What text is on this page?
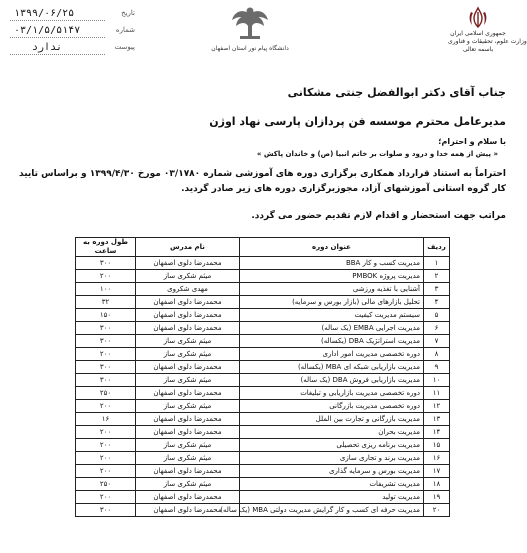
۱۳۹۹/۰۶/۲۵	تاریخ
۰۳/۱/۵/۵۱۴۷	شماره
ندارد	پیوست	دانشگاه پیام نور استان اصفهان
جمهوری اسلامی ایران
وزارت علوم، تحقیقات و فناوری
باسمه تعالی
جناب آقای دکتر ابوالفضل جنتی مشکانی
مدیرعامل محترم موسسه فن پردازان پارسی نهاد اوژن
با سلام و احترام؛
« پیش از همه خدا و درود و صلوات بر خاتم انبیا (ص) و خاندان پاکش »
احتراماً به استناد قرارداد همکاری برگزاری دوره های آموزشی شماره ۰۳/۱۷۸۰ مورخ ۱۳۹۹/۴/۳۰ و براساس تایید کار گروه استانی آموزشهای آزاد، مجوزبرگزاری دوره های زیر صادر گردید.
مراتب جهت استحضار و اقدام لازم تقدیم حضور می گردد.
ردیف	عنوان دوره	نام مدرس	طول دوره به ساعت
۱	مدیریت کسب و کار BBA	محمدرضا دلوی اصفهان	۳۰۰
۲	مدیریت پروژه PMBOK	میثم شکری ساز	۲۰۰
۳	آشنایی با تغذیه ورزشی	مهدی شکروی	۱۰۰
۴	تحلیل بازارهای مالی (بازار بورس و سرمایه)	محمدرضا دلوی اصفهان	۳۲
۵	سیستم مدیریت کیفیت	محمدرضا دلوی اصفهان	۱۵۰
۶	مدیریت اجرایی EMBA (یک ساله)	محمدرضا دلوی اصفهان	۳۰۰
۷	مدیریت استراتژیک DBA (یکساله)	میثم شکری ساز	۳۰۰
۸	دوره تخصصی مدیریت امور اداری	میثم شکری ساز	۲۰۰
۹	مدیریت بازاریابی شبکه ای MBA (یکساله)	محمدرضا دلوی اصفهان	۳۰۰
۱۰	مدیریت بازاریابی فروش DBA (یک ساله)	میثم شکری ساز	۳۰۰
۱۱	دوره تخصصی مدیریت بازاریابی و تبلیغات	محمدرضا دلوی اصفهان	۲۵۰
۱۲	دوره تخصصی مدیریت بازرگانی	میثم شکری ساز	۲۰۰
۱۳	مدیریت بازرگانی و تجارت بین الملل	محمدرضا دلوی اصفهان	۱۶
۱۴	مدیریت بحران	محمدرضا دلوی اصفهان	۲۰۰
۱۵	مدیریت برنامه ریزی تحصیلی	میثم شکری ساز	۲۰۰
۱۶	مدیریت برند و تجاری سازی	میثم شکری ساز	۲۰۰
۱۷	مدیریت بورس و سرمایه گذاری	محمدرضا دلوی اصفهان	۲۰۰
۱۸	مدیریت تشریفات	میثم شکری ساز	۲۵۰
۱۹	مدیریت تولید	محمدرضا دلوی اصفهان	۲۰۰
۲۰	مدیریت حرفه ای کسب و کار گرایش مدیریت دولتی MBA (یک ساله)	محمدرضا دلوی اصفهان	۳۰۰
